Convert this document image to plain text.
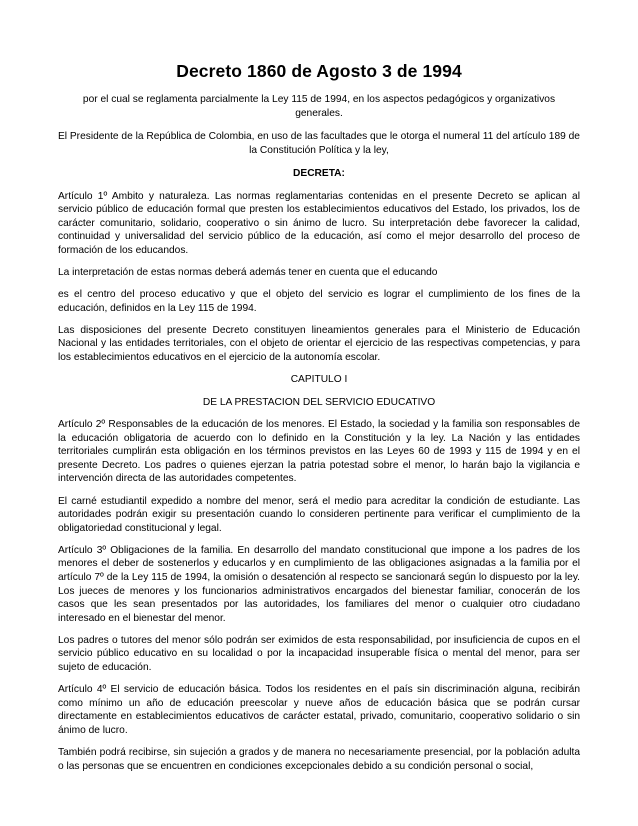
Decreto 1860 de Agosto 3 de 1994
por el cual se reglamenta parcialmente la Ley 115 de 1994, en los aspectos pedagógicos y organizativos generales.
El Presidente de la República de Colombia, en uso de las facultades que le otorga el numeral 11 del artículo 189 de la Constitución Política y la ley,
DECRETA:

Artículo 1º Ambito y naturaleza. Las normas reglamentarias contenidas en el presente Decreto se aplican al servicio público de educación formal que presten los establecimientos educativos del Estado, los privados, los de carácter comunitario, solidario, cooperativo o sin ánimo de lucro. Su interpretación debe favorecer la calidad, continuidad y universalidad del servicio público de la educación, así como el mejor desarrollo del proceso de formación de los educandos.

La interpretación de estas normas deberá además tener en cuenta que el educando

es el centro del proceso educativo y que el objeto del servicio es lograr el cumplimiento de los fines de la educación, definidos en la Ley 115 de 1994.

Las disposiciones del presente Decreto constituyen lineamientos generales para el Ministerio de Educación Nacional y las entidades territoriales, con el objeto de orientar el ejercicio de las respectivas competencias, y para los establecimientos educativos en el ejercicio de la autonomía escolar.

CAPITULO I
DE LA PRESTACION DEL SERVICIO EDUCATIVO

Artículo 2º Responsables de la educación de los menores. El Estado, la sociedad y la familia son responsables de la educación obligatoria de acuerdo con lo definido en la Constitución y la ley. La Nación y las entidades territoriales cumplirán esta obligación en los términos previstos en las Leyes 60 de 1993 y 115 de 1994 y en el presente Decreto. Los padres o quienes ejerzan la patria potestad sobre el menor, lo harán bajo la vigilancia e intervención directa de las autoridades competentes.

El carné estudiantil expedido a nombre del menor, será el medio para acreditar la condición de estudiante. Las autoridades podrán exigir su presentación cuando lo consideren pertinente para verificar el cumplimiento de la obligatoriedad constitucional y legal.

Artículo 3º Obligaciones de la familia. En desarrollo del mandato constitucional que impone a los padres de los menores el deber de sostenerlos y educarlos y en cumplimiento de las obligaciones asignadas a la familia por el artículo 7º de la Ley 115 de 1994, la omisión o desatención al respecto se sancionará según lo dispuesto por la ley. Los jueces de menores y los funcionarios administrativos encargados del bienestar familiar, conocerán de los casos que les sean presentados por las autoridades, los familiares del menor o cualquier otro ciudadano interesado en el bienestar del menor.

Los padres o tutores del menor sólo podrán ser eximidos de esta responsabilidad, por insuficiencia de cupos en el servicio público educativo en su localidad o por la incapacidad insuperable física o mental del menor, para ser sujeto de educación.

Artículo 4º El servicio de educación básica. Todos los residentes en el país sin discriminación alguna, recibirán como mínimo un año de educación preescolar y nueve años de educación básica que se podrán cursar directamente en establecimientos educativos de carácter estatal, privado, comunitario, cooperativo solidario o sin ánimo de lucro.

También podrá recibirse, sin sujeción a grados y de manera no necesariamente presencial, por la población adulta o las personas que se encuentren en condiciones excepcionales debido a su condición personal o social,
